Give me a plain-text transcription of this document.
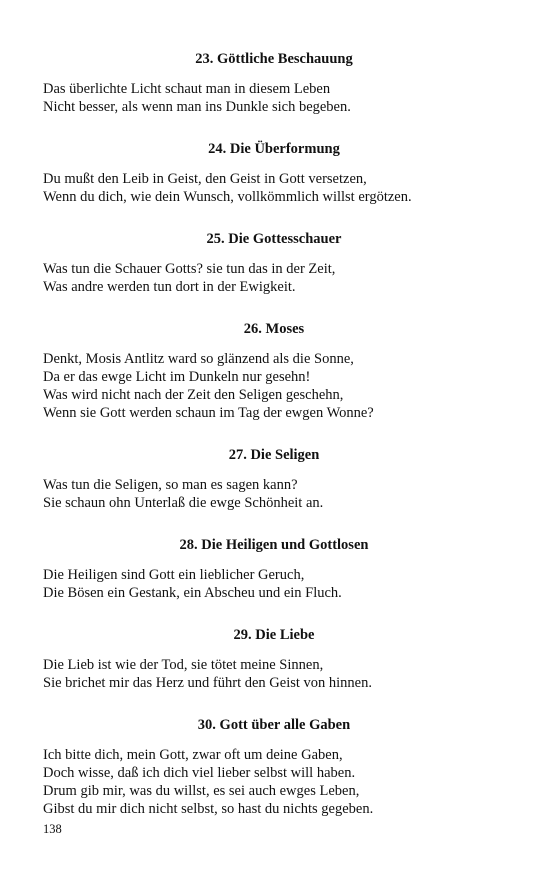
23. Göttliche Beschauung
Das überlichte Licht schaut man in diesem Leben
Nicht besser, als wenn man ins Dunkle sich begeben.
24. Die Überformung
Du mußt den Leib in Geist, den Geist in Gott versetzen,
Wenn du dich, wie dein Wunsch, vollkömmlich willst ergötzen.
25. Die Gottesschauer
Was tun die Schauer Gotts? sie tun das in der Zeit,
Was andre werden tun dort in der Ewigkeit.
26. Moses
Denkt, Mosis Antlitz ward so glänzend als die Sonne,
Da er das ewge Licht im Dunkeln nur gesehn!
Was wird nicht nach der Zeit den Seligen geschehn,
Wenn sie Gott werden schaun im Tag der ewgen Wonne?
27. Die Seligen
Was tun die Seligen, so man es sagen kann?
Sie schaun ohn Unterlaß die ewge Schönheit an.
28. Die Heiligen und Gottlosen
Die Heiligen sind Gott ein lieblicher Geruch,
Die Bösen ein Gestank, ein Abscheu und ein Fluch.
29. Die Liebe
Die Lieb ist wie der Tod, sie tötet meine Sinnen,
Sie brichet mir das Herz und führt den Geist von hinnen.
30. Gott über alle Gaben
Ich bitte dich, mein Gott, zwar oft um deine Gaben,
Doch wisse, daß ich dich viel lieber selbst will haben.
Drum gib mir, was du willst, es sei auch ewges Leben,
Gibst du mir dich nicht selbst, so hast du nichts gegeben.
138
